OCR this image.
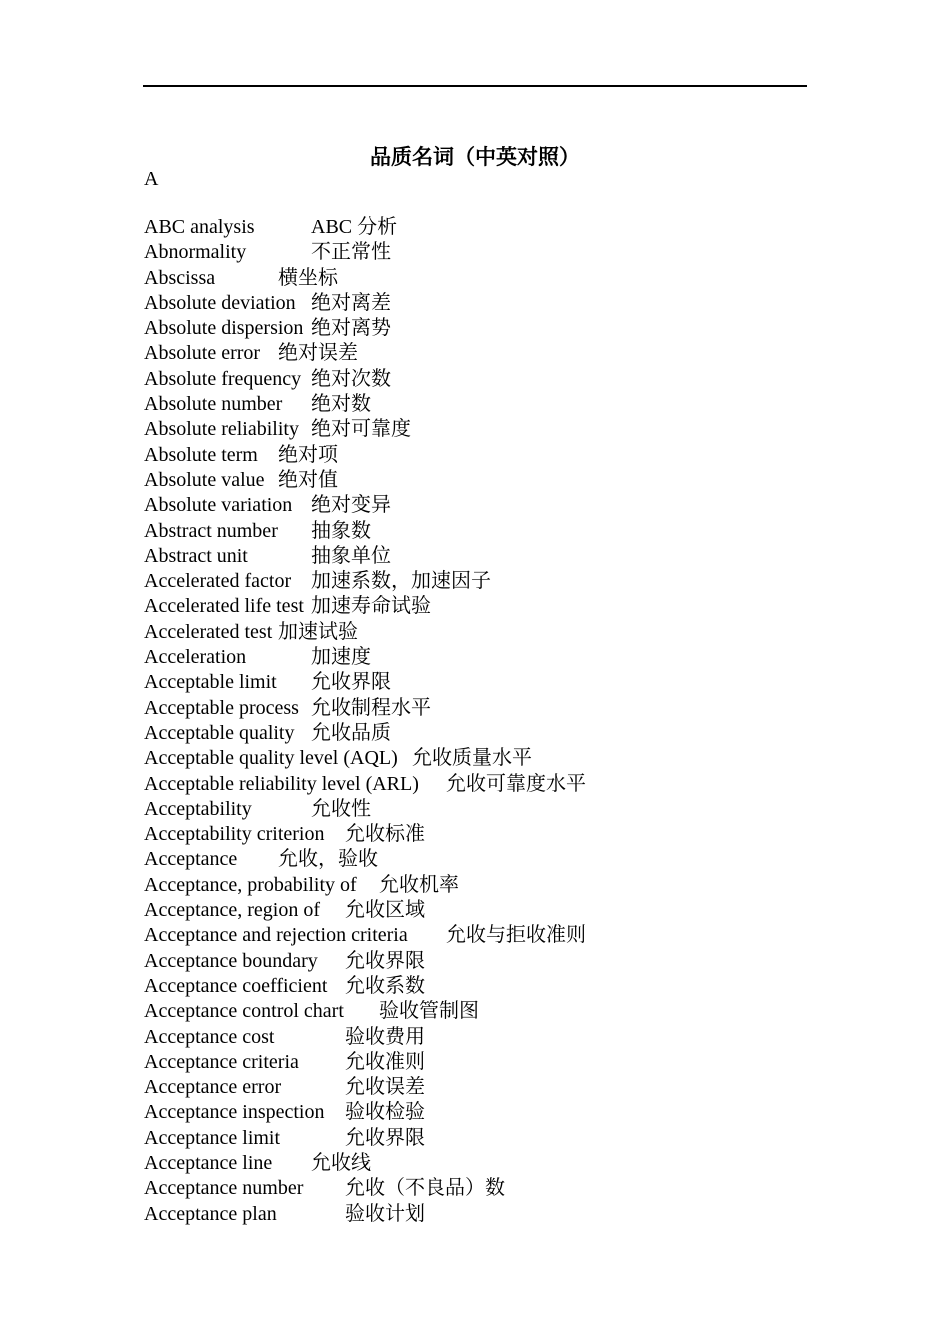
品质名词（中英对照）
A
ABC analysis	ABC 分析
Abnormality	不正常性
Abscissa	横坐标
Absolute deviation 绝对离差
Absolute dispersion 绝对离势
Absolute error 绝对误差
Absolute frequency 绝对次数
Absolute number 绝对数
Absolute reliability 绝对可靠度
Absolute term 绝对项
Absolute value 绝对值
Absolute variation 绝对变异
Abstract number 抽象数
Abstract unit	抽象单位
Accelerated factor 加速系数，加速因子
Accelerated life test 加速寿命试验
Accelerated test 加速试验
Acceleration	加速度
Acceptable limit 允收界限
Acceptable process 允收制程水平
Acceptable quality 允收品质
Acceptable quality level (AQL) 允收质量水平
Acceptable reliability level (ARL) 允收可靠度水平
Acceptability	允收性
Acceptability criterion 允收标准
Acceptance 允收，验收
Acceptance, probability of 允收机率
Acceptance, region of 允收区域
Acceptance and rejection criteria 允收与拒收准则
Acceptance boundary 允收界限
Acceptance coefficient 允收系数
Acceptance control chart 验收管制图
Acceptance cost	验收费用
Acceptance criteria 允收准则
Acceptance error	允收误差
Acceptance inspection 验收检验
Acceptance limit	允收界限
Acceptance line 允收线
Acceptance number 允收（不良品）数
Acceptance plan	验收计划
